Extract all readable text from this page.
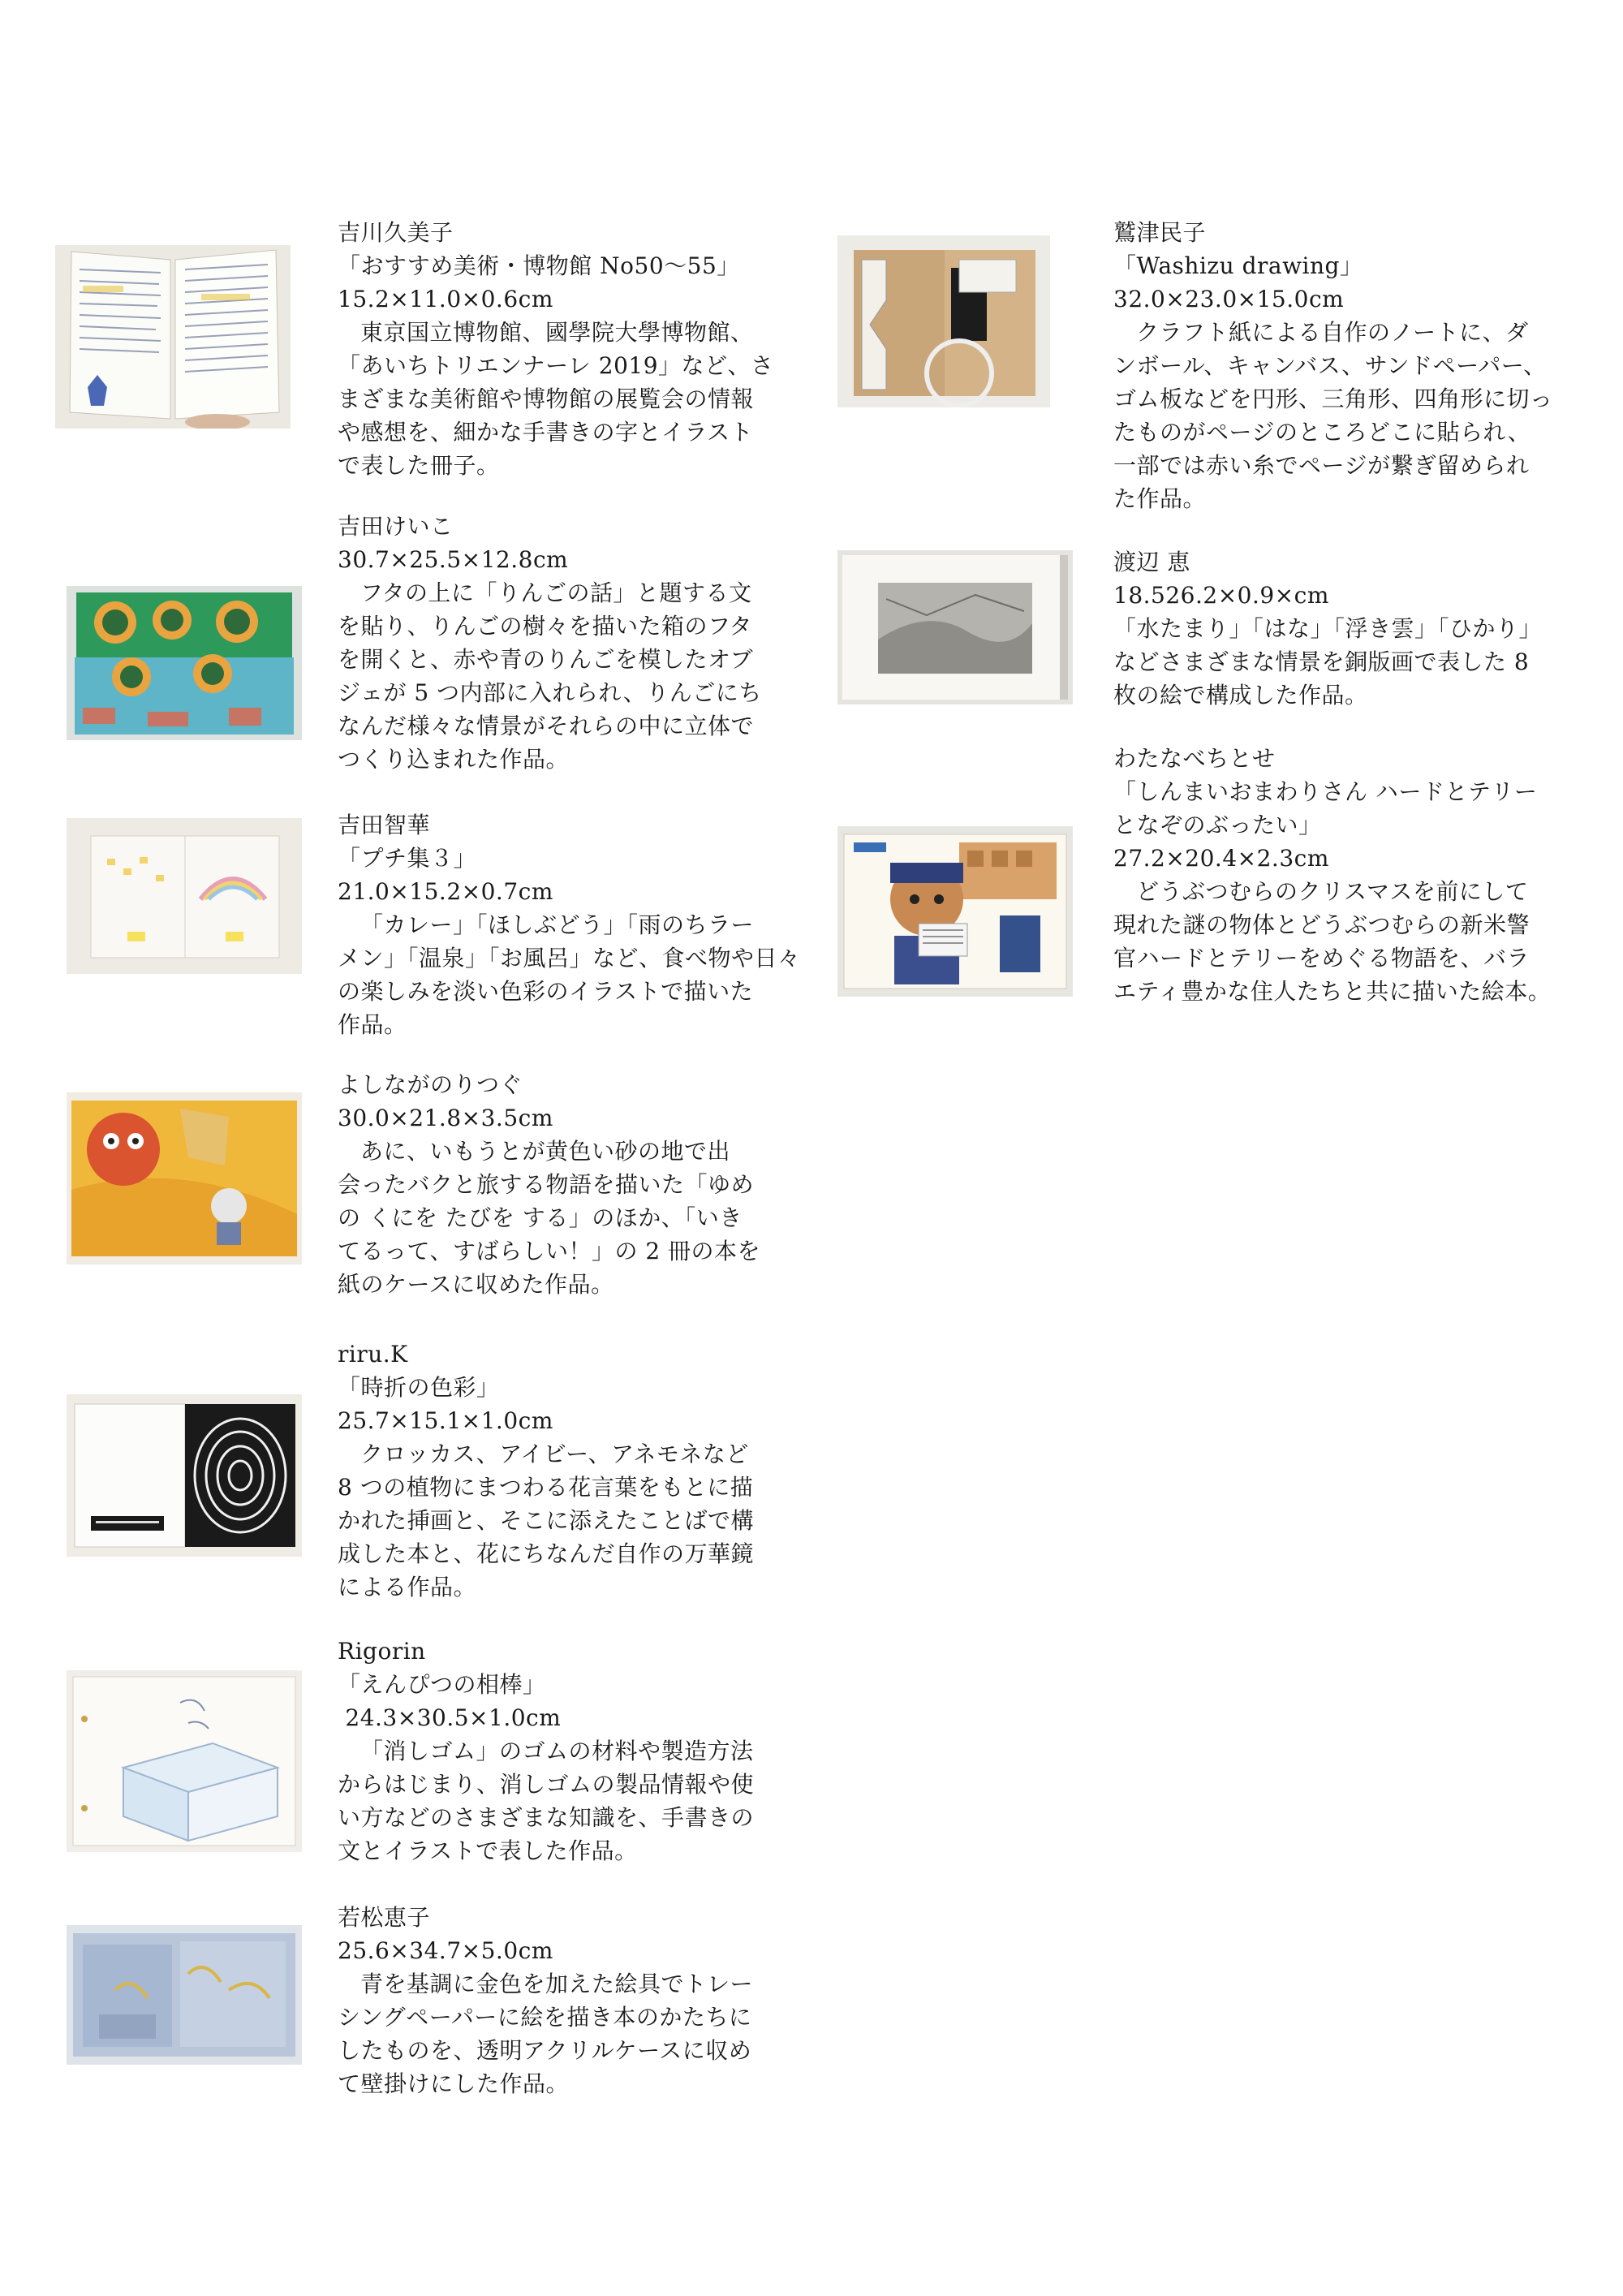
吉川久美子
「おすすめ美術・博物館 No50〜55」
15.2×11.0×0.6cm
東京国立博物館、國學院大學博物館、
「あいちトリエンナーレ 2019」など、さ
まざまな美術館や博物館の展覧会の情報
や感想を、細かな手書きの字とイラスト
で表した冊子。
吉田けいこ
30.7×25.5×12.8cm
フタの上に「りんごの話」と題する文
を貼り、りんごの樹々を描いた箱のフタ
を開くと、赤や青のりんごを模したオブ
ジェが 5 つ内部に入れられ、りんごにち
なんだ様々な情景がそれらの中に立体で
つくり込まれた作品。
吉田智華
「プチ集３」
21.0×15.2×0.7cm
「カレー」「ほしぶどう」「雨のちラー
メン」「温泉」「お風呂」など、食べ物や日々
の楽しみを淡い色彩のイラストで描いた
作品。
よしながのりつぐ
30.0×21.8×3.5cm
あに、いもうとが黄色い砂の地で出
会ったバクと旅する物語を描いた「ゆめ
の くにを たびを する」のほか、「いき
てるって、すばらしい！」の 2 冊の本を
紙のケースに収めた作品。
riru.K
「時折の色彩」
25.7×15.1×1.0cm
クロッカス、アイビー、アネモネなど
8 つの植物にまつわる花言葉をもとに描
かれた挿画と、そこに添えたことばで構
成した本と、花にちなんだ自作の万華鏡
による作品。
Rigorin
「えんぴつの相棒」
24.3×30.5×1.0cm
「消しゴム」のゴムの材料や製造方法
からはじまり、消しゴムの製品情報や使
い方などのさまざまな知識を、手書きの
文とイラストで表した作品。
若松恵子
25.6×34.7×5.0cm
青を基調に金色を加えた絵具でトレー
シングペーパーに絵を描き本のかたちに
したものを、透明アクリルケースに収め
て壁掛けにした作品。
鷲津民子
「Washizu drawing」
32.0×23.0×15.0cm
クラフト紙による自作のノートに、ダ
ンボール、キャンバス、サンドペーパー、
ゴム板などを円形、三角形、四角形に切っ
たものがページのところどこに貼られ、
一部では赤い糸でページが繋ぎ留められ
た作品。
渡辺 恵
18.526.2×0.9×cm
「水たまり」「はな」「浮き雲」「ひかり」
などさまざまな情景を銅版画で表した 8
枚の絵で構成した作品。
わたなべちとせ
「しんまいおまわりさん ハードとテリー
となぞのぶったい」
27.2×20.4×2.3cm
どうぶつむらのクリスマスを前にして
現れた謎の物体とどうぶつむらの新米警
官ハードとテリーをめぐる物語を、バラ
エティ豊かな住人たちと共に描いた絵本。
